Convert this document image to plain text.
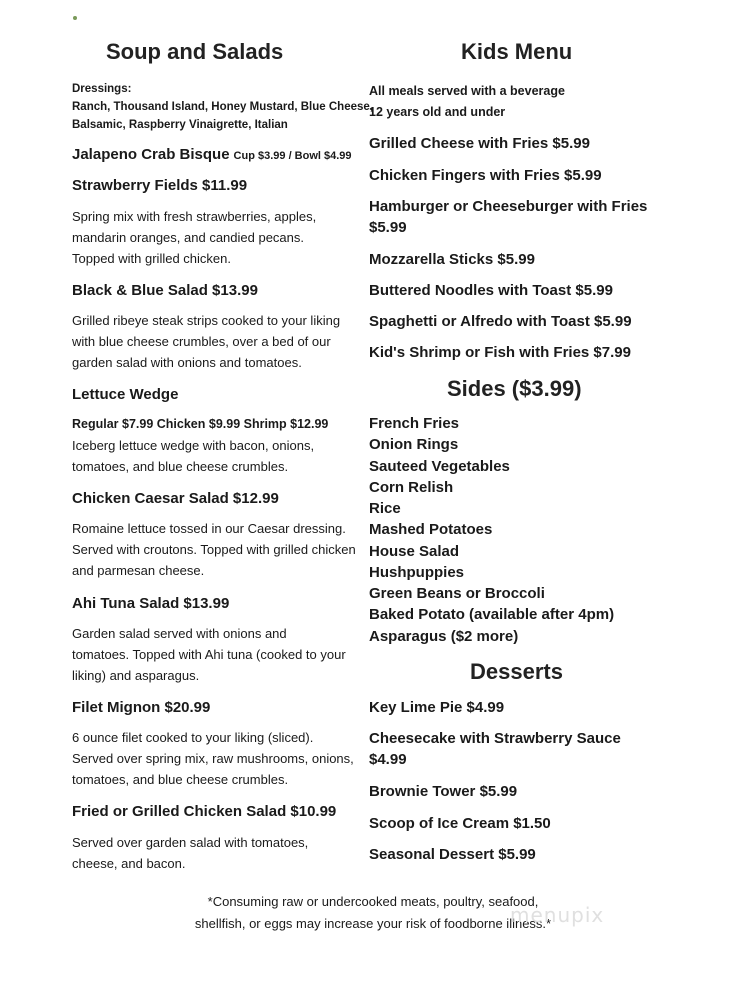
Soup and Salads
Dressings:
Ranch, Thousand Island, Honey Mustard, Blue Cheese,
Balsamic, Raspberry Vinaigrette, Italian
Jalapeno Crab Bisque Cup $3.99 / Bowl $4.99
Strawberry Fields $11.99
Spring mix with fresh strawberries, apples, mandarin oranges, and candied pecans. Topped with grilled chicken.
Black & Blue Salad $13.99
Grilled ribeye steak strips cooked to your liking with blue cheese crumbles, over a bed of our garden salad with onions and tomatoes.
Lettuce Wedge
Regular $7.99 Chicken $9.99 Shrimp $12.99
Iceberg lettuce wedge with bacon, onions, tomatoes, and blue cheese crumbles.
Chicken Caesar Salad $12.99
Romaine lettuce tossed in our Caesar dressing. Served with croutons. Topped with grilled chicken and parmesan cheese.
Ahi Tuna Salad $13.99
Garden salad served with onions and tomatoes. Topped with Ahi tuna (cooked to your liking) and asparagus.
Filet Mignon $20.99
6 ounce filet cooked to your liking (sliced). Served over spring mix, raw mushrooms, onions, tomatoes, and blue cheese crumbles.
Fried or Grilled Chicken Salad $10.99
Served over garden salad with tomatoes, cheese, and bacon.
Kids Menu
All meals served with a beverage
12 years old and under
Grilled Cheese with Fries $5.99
Chicken Fingers with Fries $5.99
Hamburger or Cheeseburger with Fries $5.99
Mozzarella Sticks $5.99
Buttered Noodles with Toast $5.99
Spaghetti or Alfredo with Toast $5.99
Kid's Shrimp or Fish with Fries $7.99
Sides ($3.99)
French Fries
Onion Rings
Sauteed Vegetables
Corn Relish
Rice
Mashed Potatoes
House Salad
Hushpuppies
Green Beans or Broccoli
Baked Potato (available after 4pm)
Asparagus ($2 more)
Desserts
Key Lime Pie $4.99
Cheesecake with Strawberry Sauce $4.99
Brownie Tower $5.99
Scoop of Ice Cream $1.50
Seasonal Dessert $5.99
*Consuming raw or undercooked meats, poultry, seafood,
shellfish, or eggs may increase your risk of foodborne illness.*
menupix
